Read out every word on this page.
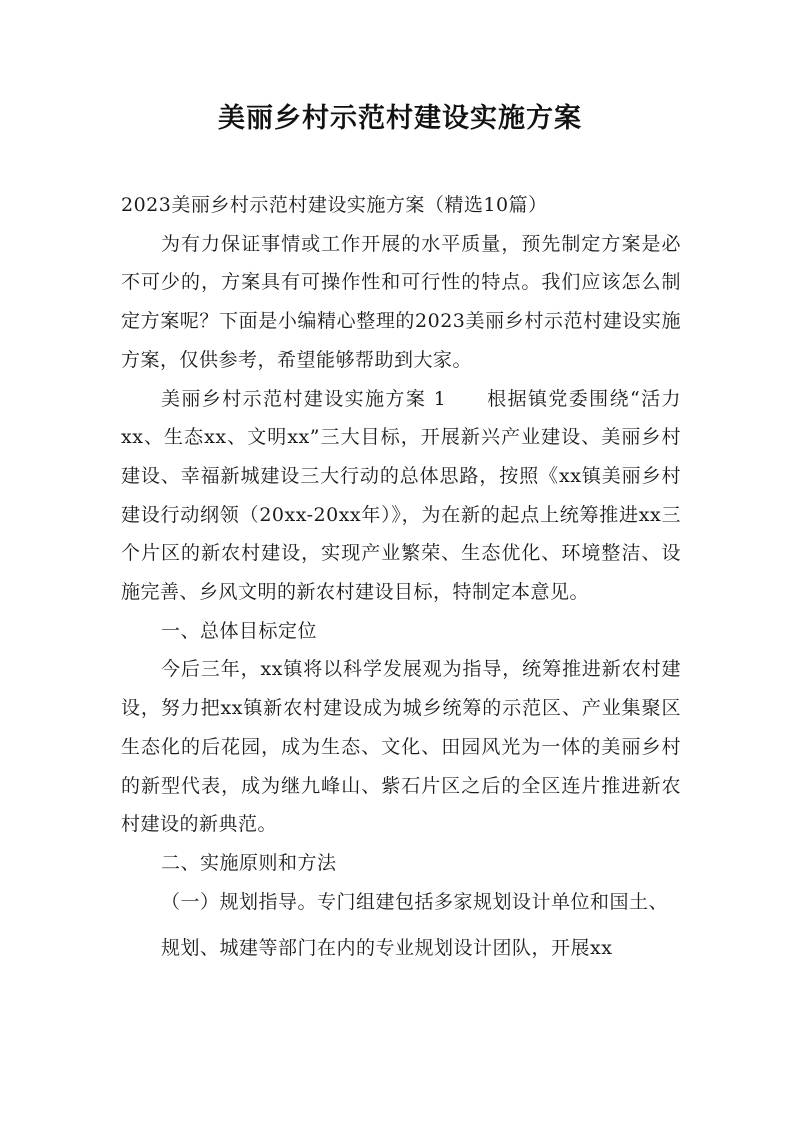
美丽乡村示范村建设实施方案

2023美丽乡村示范村建设实施方案（精选10篇）

为有力保证事情或工作开展的水平质量，预先制定方案是必不可少的，方案具有可操作性和可行性的特点。我们应该怎么制定方案呢？下面是小编精心整理的2023美丽乡村示范村建设实施方案，仅供参考，希望能够帮助到大家。

美丽乡村示范村建设实施方案 1 根据镇党委围绕“活力xx、生态xx、文明xx”三大目标，开展新兴产业建设、美丽乡村建设、幸福新城建设三大行动的总体思路，按照《xx镇美丽乡村建设行动纲领（20xx-20xx年）》，为在新的起点上统筹推进xx三个片区的新农村建设，实现产业繁荣、生态优化、环境整洁、设施完善、乡风文明的新农村建设目标，特制定本意见。

一、总体目标定位

今后三年，xx镇将以科学发展观为指导，统筹推进新农村建设，努力把xx镇新农村建设成为城乡统筹的示范区、产业集聚区生态化的后花园，成为生态、文化、田园风光为一体的美丽乡村的新型代表，成为继九峰山、紫石片区之后的全区连片推进新农村建设的新典范。

二、实施原则和方法

（一）规划指导。专门组建包括多家规划设计单位和国土、

规划、城建等部门在内的专业规划设计团队，开展xx
